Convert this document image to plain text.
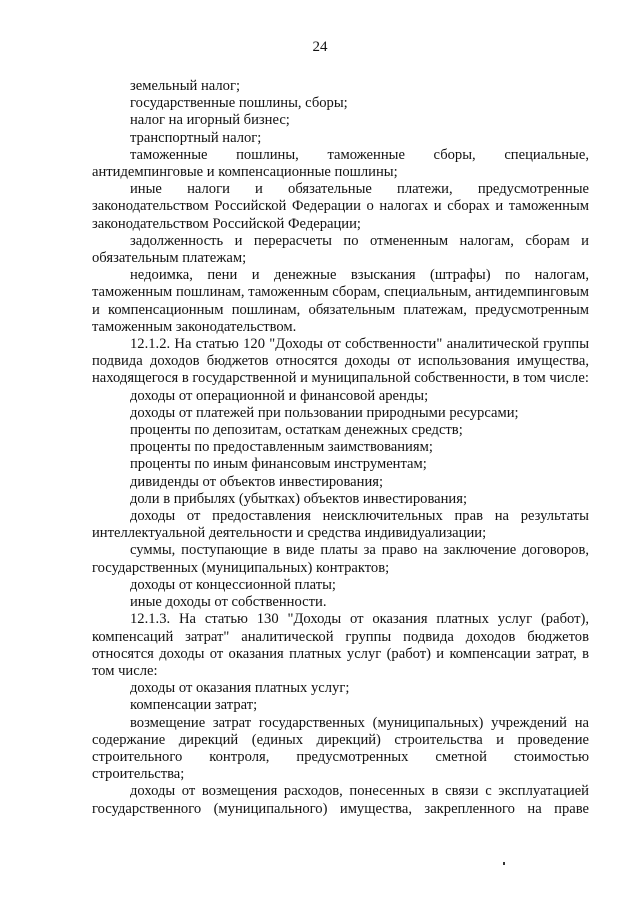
24

земельный налог;

государственные пошлины, сборы;

налог на игорный бизнес;

транспортный налог;

таможенные пошлины, таможенные сборы, специальные, антидемпинговые и компенсационные пошлины;

иные налоги и обязательные платежи, предусмотренные законодательством Российской Федерации о налогах и сборах и таможенным законодательством Российской Федерации;

задолженность и перерасчеты по отмененным налогам, сборам и обязательным платежам;

недоимка, пени и денежные взыскания (штрафы) по налогам, таможенным пошлинам, таможенным сборам, специальным, антидемпинговым и компенсационным пошлинам, обязательным платежам, предусмотренным таможенным законодательством.

12.1.2. На статью 120 "Доходы от собственности" аналитической группы подвида доходов бюджетов относятся доходы от использования имущества, находящегося в государственной и муниципальной собственности, в том числе:

доходы от операционной и финансовой аренды;

доходы от платежей при пользовании природными ресурсами;

проценты по депозитам, остаткам денежных средств;

проценты по предоставленным заимствованиям;

проценты по иным финансовым инструментам;

дивиденды от объектов инвестирования;

доли в прибылях (убытках) объектов инвестирования;

доходы от предоставления неисключительных прав на результаты интеллектуальной деятельности и средства индивидуализации;

суммы, поступающие в виде платы за право на заключение договоров, государственных (муниципальных) контрактов;

доходы от концессионной платы;

иные доходы от собственности.

12.1.3. На статью 130 "Доходы от оказания платных услуг (работ), компенсаций затрат" аналитической группы подвида доходов бюджетов относятся доходы от оказания платных услуг (работ) и компенсации затрат, в том числе:

доходы от оказания платных услуг;

компенсации затрат;

возмещение затрат государственных (муниципальных) учреждений на содержание дирекций (единых дирекций) строительства и проведение строительного контроля, предусмотренных сметной стоимостью строительства;

доходы от возмещения расходов, понесенных в связи с эксплуатацией государственного (муниципального) имущества, закрепленного на праве
